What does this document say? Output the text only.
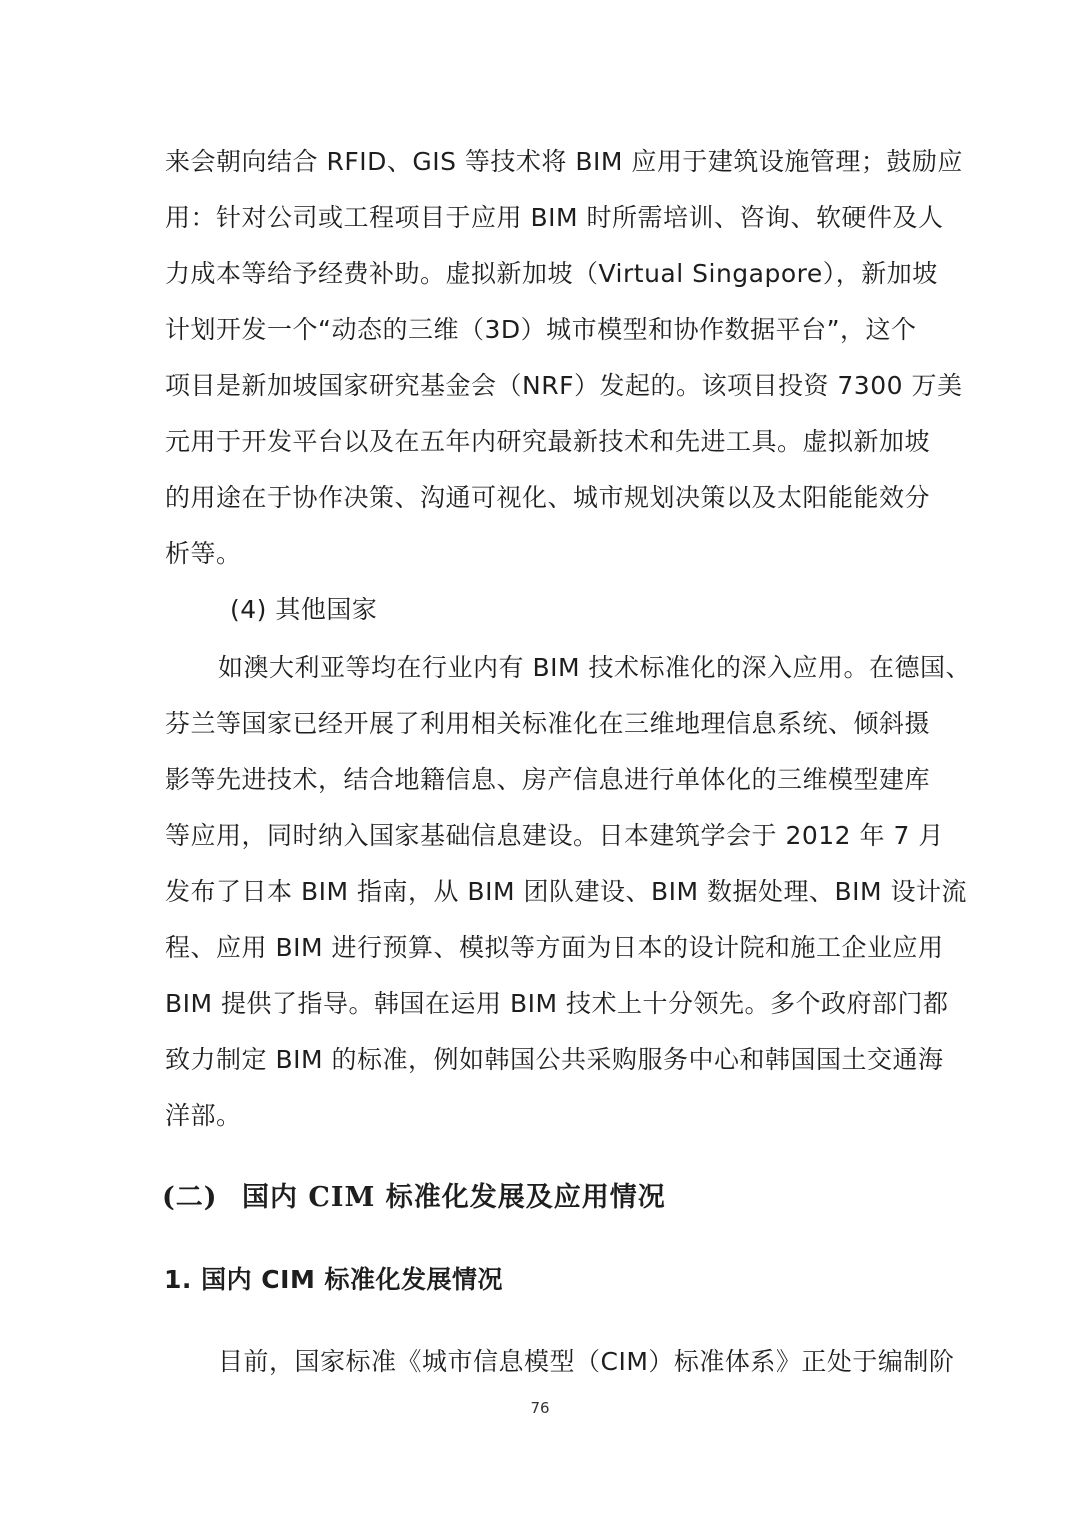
来会朝向结合 RFID、GIS 等技术将 BIM 应用于建筑设施管理；鼓励应
用：针对公司或工程项目于应用 BIM 时所需培训、咨询、软硬件及人
力成本等给予经费补助。虚拟新加坡（Virtual Singapore），新加坡
计划开发一个“动态的三维（3D）城市模型和协作数据平台”，这个
项目是新加坡国家研究基金会（NRF）发起的。该项目投资 7300 万美
元用于开发平台以及在五年内研究最新技术和先进工具。虚拟新加坡
的用途在于协作决策、沟通可视化、城市规划决策以及太阳能能效分
析等。
(4) 其他国家
如澳大利亚等均在行业内有 BIM 技术标准化的深入应用。在德国、
芬兰等国家已经开展了利用相关标准化在三维地理信息系统、倾斜摄
影等先进技术，结合地籍信息、房产信息进行单体化的三维模型建库
等应用，同时纳入国家基础信息建设。日本建筑学会于 2012 年 7 月
发布了日本 BIM 指南，从 BIM 团队建设、BIM 数据处理、BIM 设计流
程、应用 BIM 进行预算、模拟等方面为日本的设计院和施工企业应用
BIM 提供了指导。韩国在运用 BIM 技术上十分领先。多个政府部门都
致力制定 BIM 的标准，例如韩国公共采购服务中心和韩国国土交通海
洋部。
(二) 国内 CIM 标准化发展及应用情况
1. 国内 CIM 标准化发展情况
目前，国家标准《城市信息模型（CIM）标准体系》正处于编制阶
76
